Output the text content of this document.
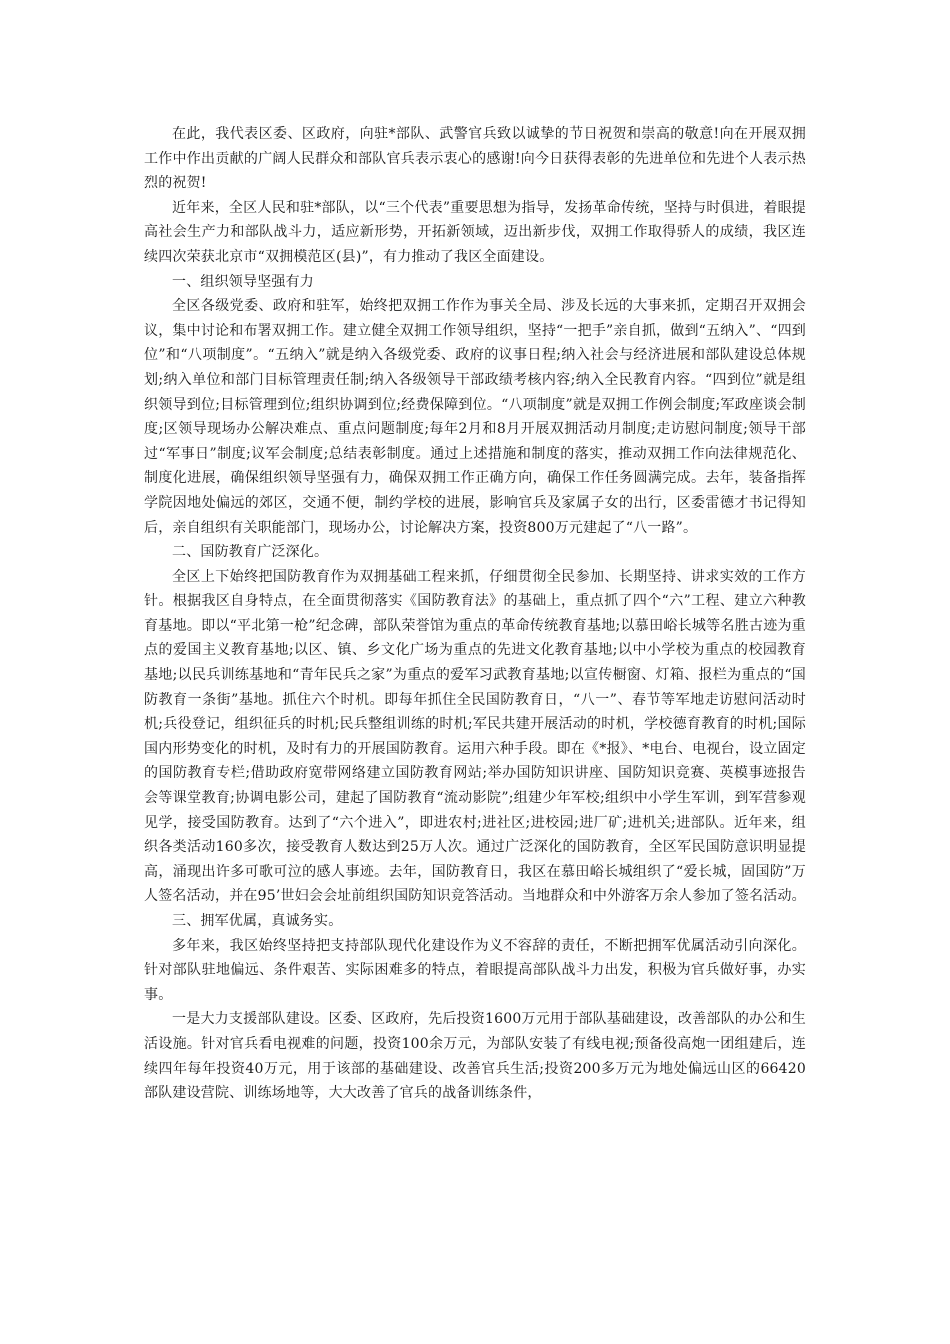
在此，我代表区委、区政府，向驻*部队、武警官兵致以诚挚的节日祝贺和崇高的敬意!向在开展双拥工作中作出贡献的广阔人民群众和部队官兵表示衷心的感谢!向今日获得表彰的先进单位和先进个人表示热烈的祝贺!

近年来，全区人民和驻*部队，以“三个代表”重要思想为指导，发扬革命传统，坚持与时俱进，着眼提高社会生产力和部队战斗力，适应新形势，开拓新领域，迈出新步伐，双拥工作取得骄人的成绩，我区连续四次荣获北京市“双拥模范区(县)”，有力推动了我区全面建设。

一、组织领导坚强有力

全区各级党委、政府和驻军，始终把双拥工作作为事关全局、涉及长远的大事来抓，定期召开双拥会议，集中讨论和布署双拥工作。建立健全双拥工作领导组织，坚持“一把手”亲自抓，做到“五纳入”、“四到位”和“八项制度”。“五纳入”就是纳入各级党委、政府的议事日程;纳入社会与经济进展和部队建设总体规划;纳入单位和部门目标管理责任制;纳入各级领导干部政绩考核内容;纳入全民教育内容。“四到位”就是组织领导到位;目标管理到位;组织协调到位;经费保障到位。“八项制度”就是双拥工作例会制度;军政座谈会制度;区领导现场办公解决难点、重点问题制度;每年2月和8月开展双拥活动月制度;走访慰问制度;领导干部过“军事日”制度;议军会制度;总结表彰制度。通过上述措施和制度的落实，推动双拥工作向法律规范化、制度化进展，确保组织领导坚强有力，确保双拥工作正确方向，确保工作任务圆满完成。去年，装备指挥学院因地处偏远的郊区，交通不便，制约学校的进展，影响官兵及家属子女的出行，区委雷德才书记得知后，亲自组织有关职能部门，现场办公，讨论解决方案，投资800万元建起了“八一路”。

二、国防教育广泛深化。

全区上下始终把国防教育作为双拥基础工程来抓，仔细贯彻全民参加、长期坚持、讲求实效的工作方针。根据我区自身特点，在全面贯彻落实《国防教育法》的基础上，重点抓了四个“六”工程、建立六种教育基地。即以“平北第一枪”纪念碑，部队荣誉馆为重点的革命传统教育基地;以慕田峪长城等名胜古迹为重点的爱国主义教育基地;以区、镇、乡文化广场为重点的先进文化教育基地;以中小学校为重点的校园教育基地;以民兵训练基地和“青年民兵之家”为重点的爱军习武教育基地;以宣传橱窗、灯箱、报栏为重点的“国防教育一条街”基地。抓住六个时机。即每年抓住全民国防教育日，“八一”、春节等军地走访慰问活动时机;兵役登记，组织征兵的时机;民兵整组训练的时机;军民共建开展活动的时机，学校德育教育的时机;国际国内形势变化的时机，及时有力的开展国防教育。运用六种手段。即在《*报》、*电台、电视台，设立固定的国防教育专栏;借助政府宽带网络建立国防教育网站;举办国防知识讲座、国防知识竞赛、英模事迹报告会等课堂教育;协调电影公司，建起了国防教育“流动影院”;组建少年军校;组织中小学生军训，到军营参观见学，接受国防教育。达到了“六个进入”，即进农村;进社区;进校园;进厂矿;进机关;进部队。近年来，组织各类活动160多次，接受教育人数达到25万人次。通过广泛深化的国防教育，全区军民国防意识明显提高，涌现出许多可歌可泣的感人事迹。去年，国防教育日，我区在慕田峪长城组织了“爱长城，固国防”万人签名活动，并在95’世妇会会址前组织国防知识竞答活动。当地群众和中外游客万余人参加了签名活动。

三、拥军优属，真诚务实。

多年来，我区始终坚持把支持部队现代化建设作为义不容辞的责任，不断把拥军优属活动引向深化。针对部队驻地偏远、条件艰苦、实际困难多的特点，着眼提高部队战斗力出发，积极为官兵做好事，办实事。

一是大力支援部队建设。区委、区政府，先后投资1600万元用于部队基础建设，改善部队的办公和生活设施。针对官兵看电视难的问题，投资100余万元，为部队安装了有线电视;预备役高炮一团组建后，连续四年每年投资40万元，用于该部的基础建设、改善官兵生活;投资200多万元为地处偏远山区的66420部队建设营院、训练场地等，大大改善了官兵的战备训练条件，
